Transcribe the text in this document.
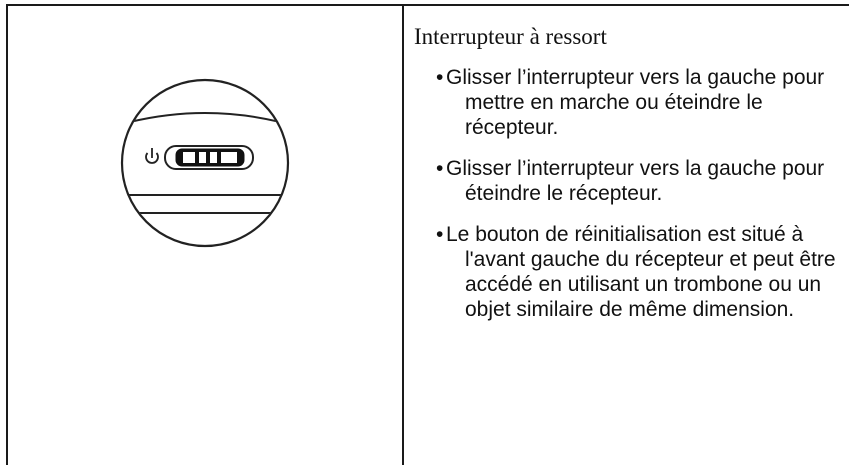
Interrupteur à ressort

• Glisser l’interrupteur vers la gauche pour mettre en marche ou éteindre le récepteur.
• Glisser l’interrupteur vers la gauche pour éteindre le récepteur.
• Le bouton de réinitialisation est situé à l'avant gauche du récepteur et peut être accédé en utilisant un trombone ou un objet similaire de même dimension.
